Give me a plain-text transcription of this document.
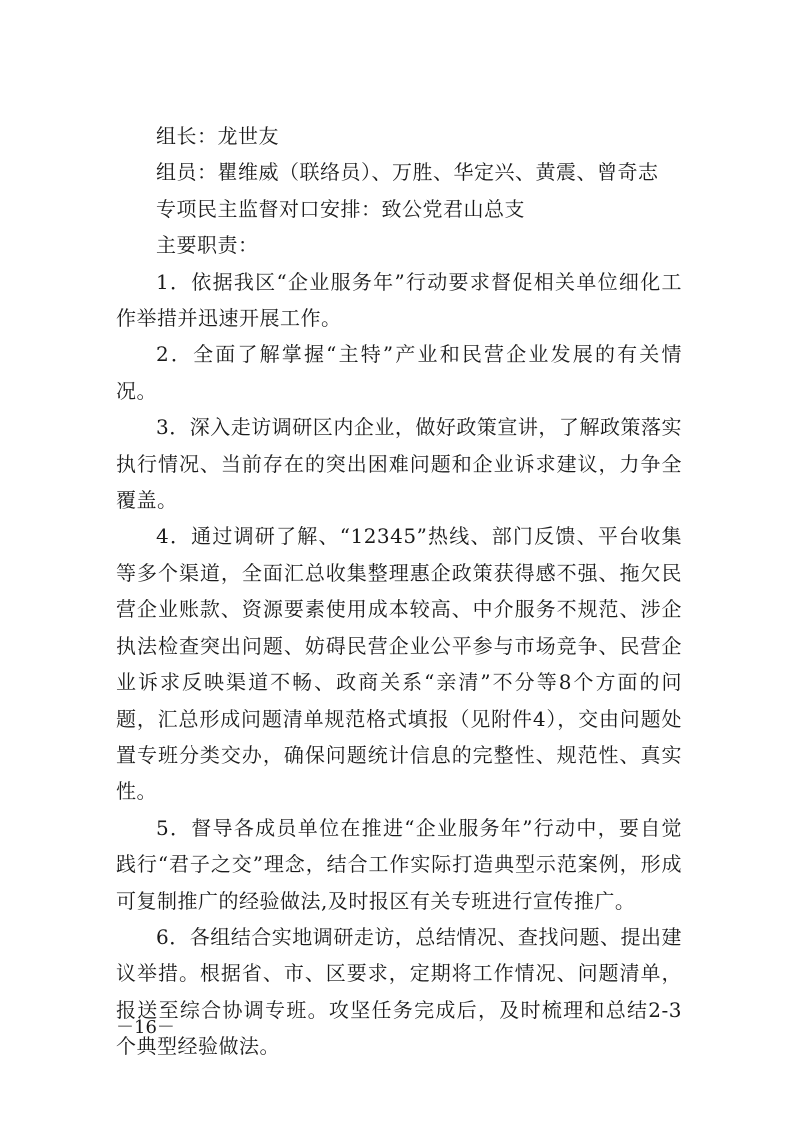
组长：龙世友

组员：瞿维威（联络员）、万胜、华定兴、黄震、曾奇志

专项民主监督对口安排：致公党君山总支

主要职责：

1．依据我区“企业服务年”行动要求督促相关单位细化工作举措并迅速开展工作。

2．全面了解掌握“主特”产业和民营企业发展的有关情况。

3．深入走访调研区内企业，做好政策宣讲，了解政策落实执行情况、当前存在的突出困难问题和企业诉求建议，力争全覆盖。

4．通过调研了解、“12345”热线、部门反馈、平台收集等多个渠道，全面汇总收集整理惠企政策获得感不强、拖欠民营企业账款、资源要素使用成本较高、中介服务不规范、涉企执法检查突出问题、妨碍民营企业公平参与市场竞争、民营企业诉求反映渠道不畅、政商关系“亲清”不分等8个方面的问题，汇总形成问题清单规范格式填报（见附件4），交由问题处置专班分类交办，确保问题统计信息的完整性、规范性、真实性。

5．督导各成员单位在推进“企业服务年”行动中，要自觉践行“君子之交”理念，结合工作实际打造典型示范案例，形成可复制推广的经验做法,及时报区有关专班进行宣传推广。

6．各组结合实地调研走访，总结情况、查找问题、提出建议举措。根据省、市、区要求，定期将工作情况、问题清单，报送至综合协调专班。攻坚任务完成后，及时梳理和总结2-3个典型经验做法。

－16－
